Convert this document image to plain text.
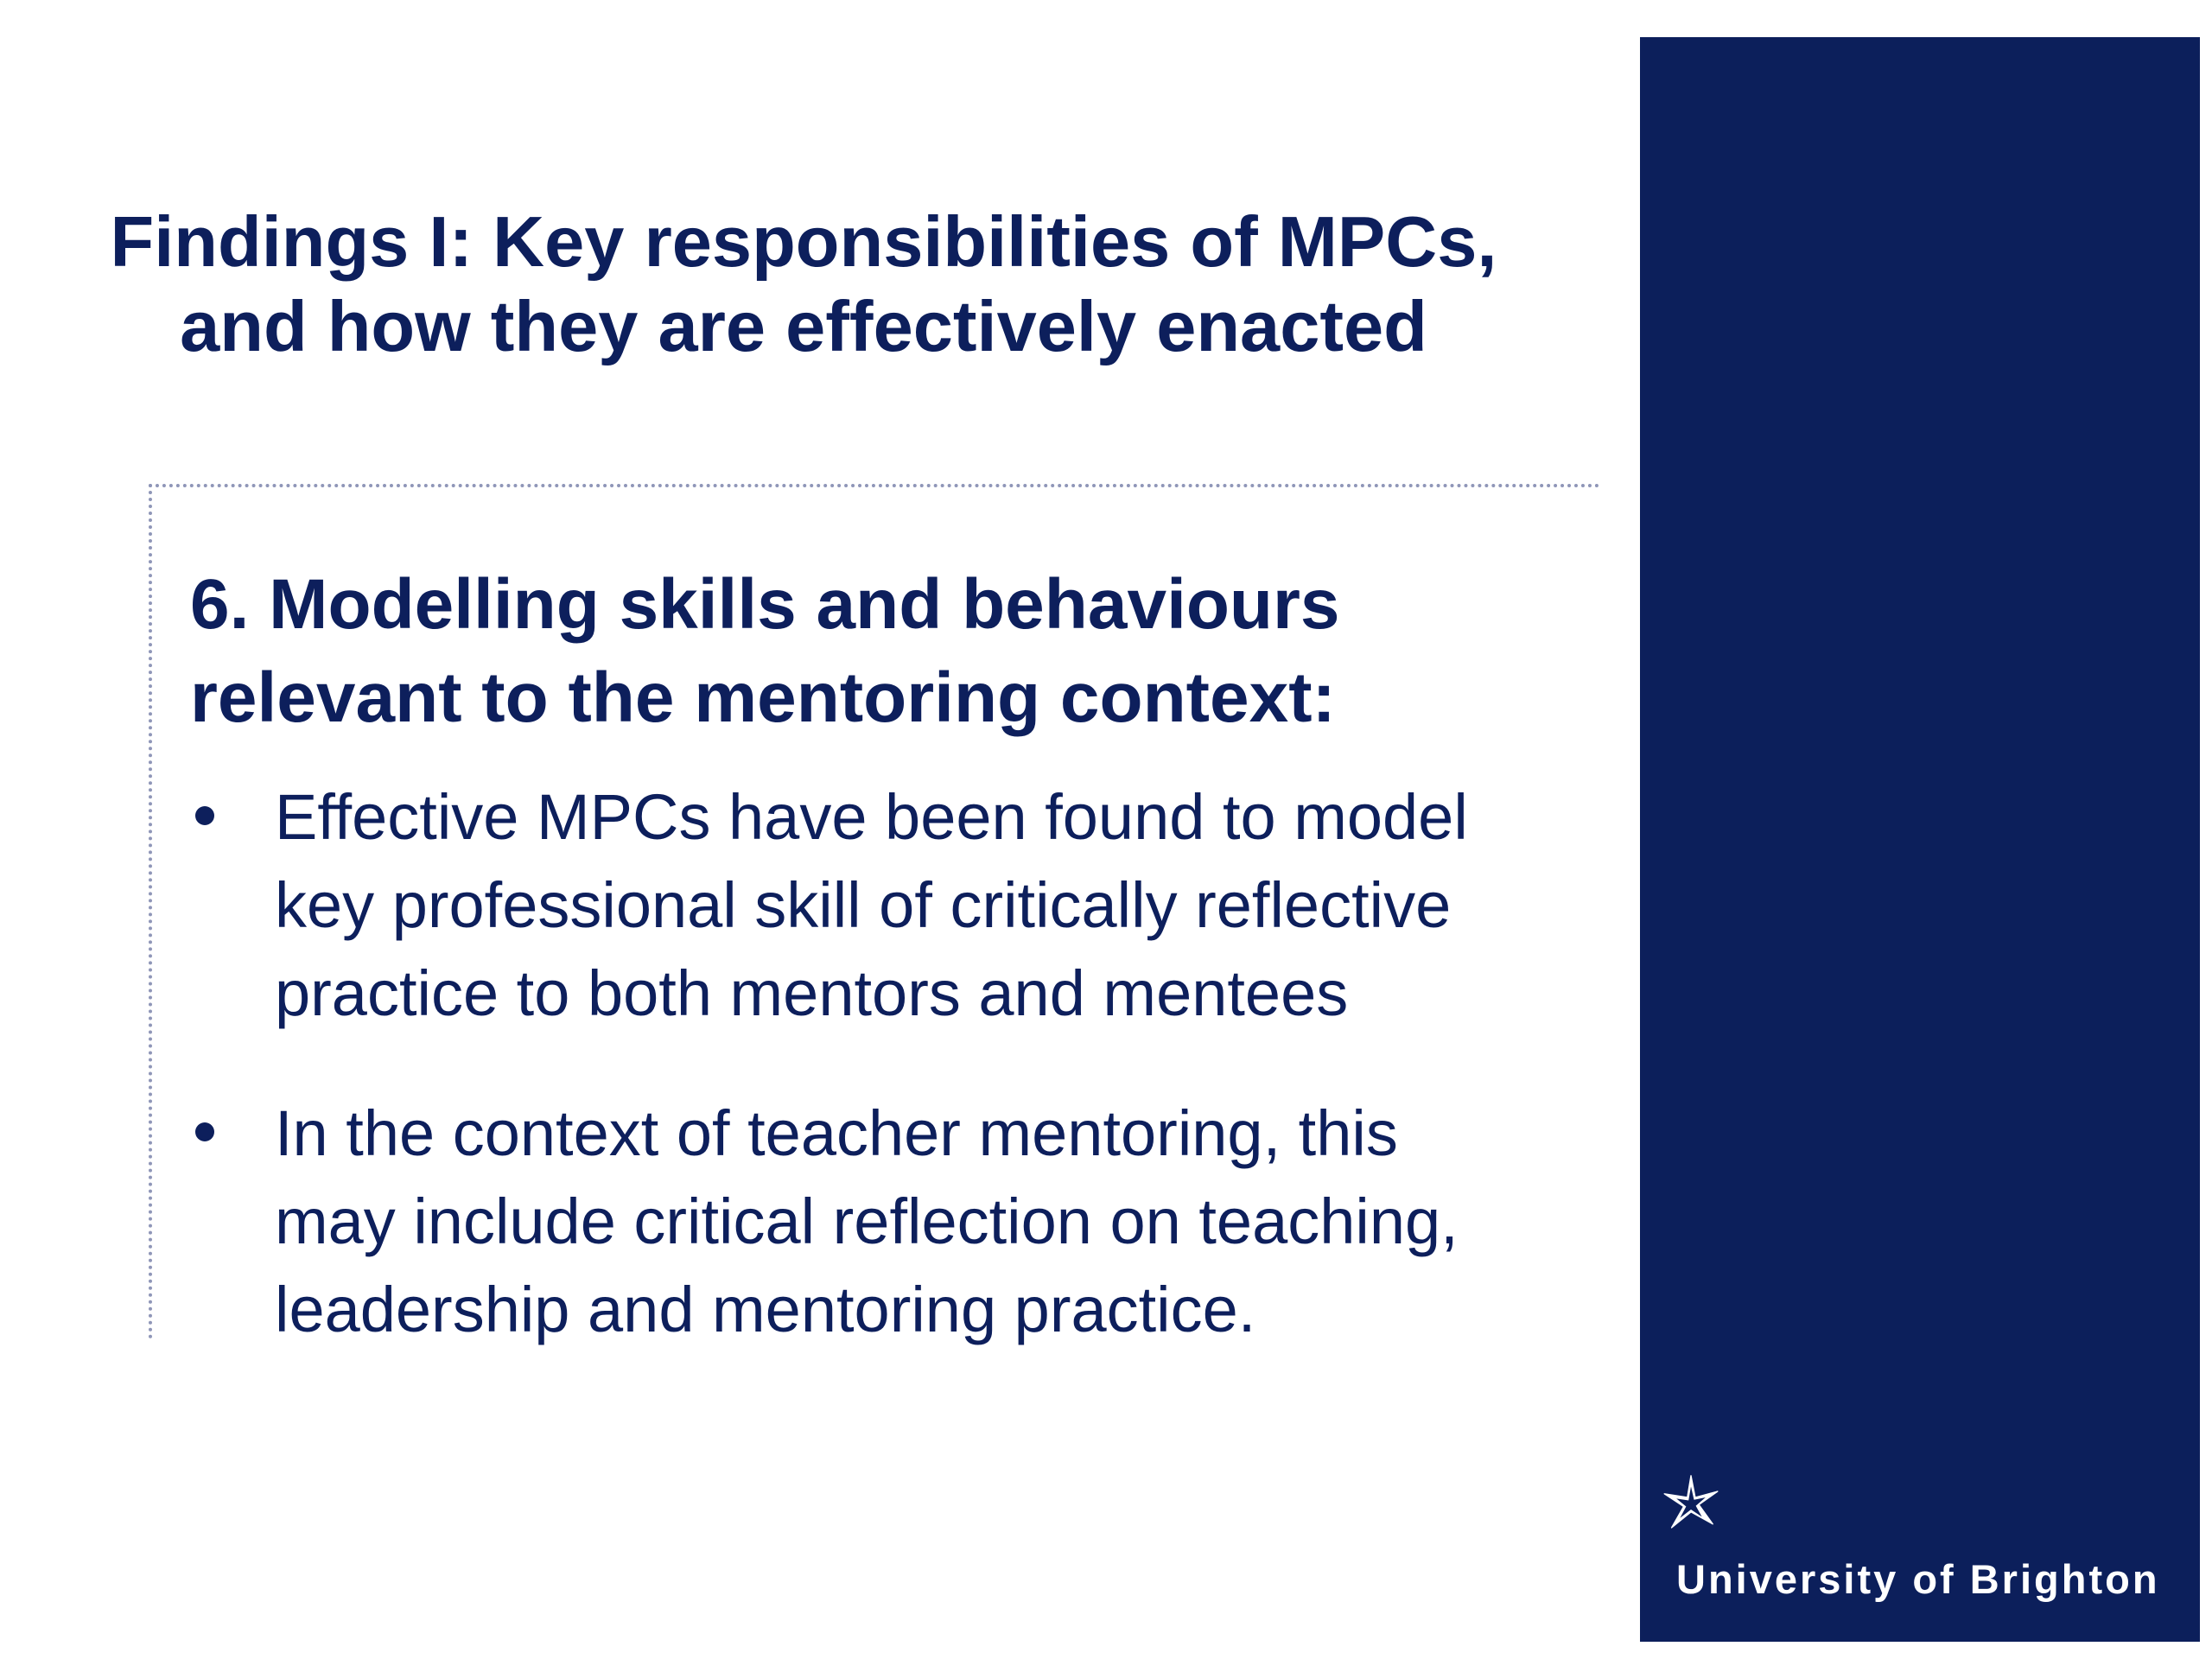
Findings I: Key responsibilities of MPCs,
and how they are effectively enacted
6. Modelling skills and behaviours
relevant to the mentoring context:
Effective MPCs have been found to model
key professional skill of critically reflective
practice to both mentors and mentees
In the context of teacher mentoring, this
may include critical reflection on teaching,
leadership and mentoring practice.
University of Brighton
